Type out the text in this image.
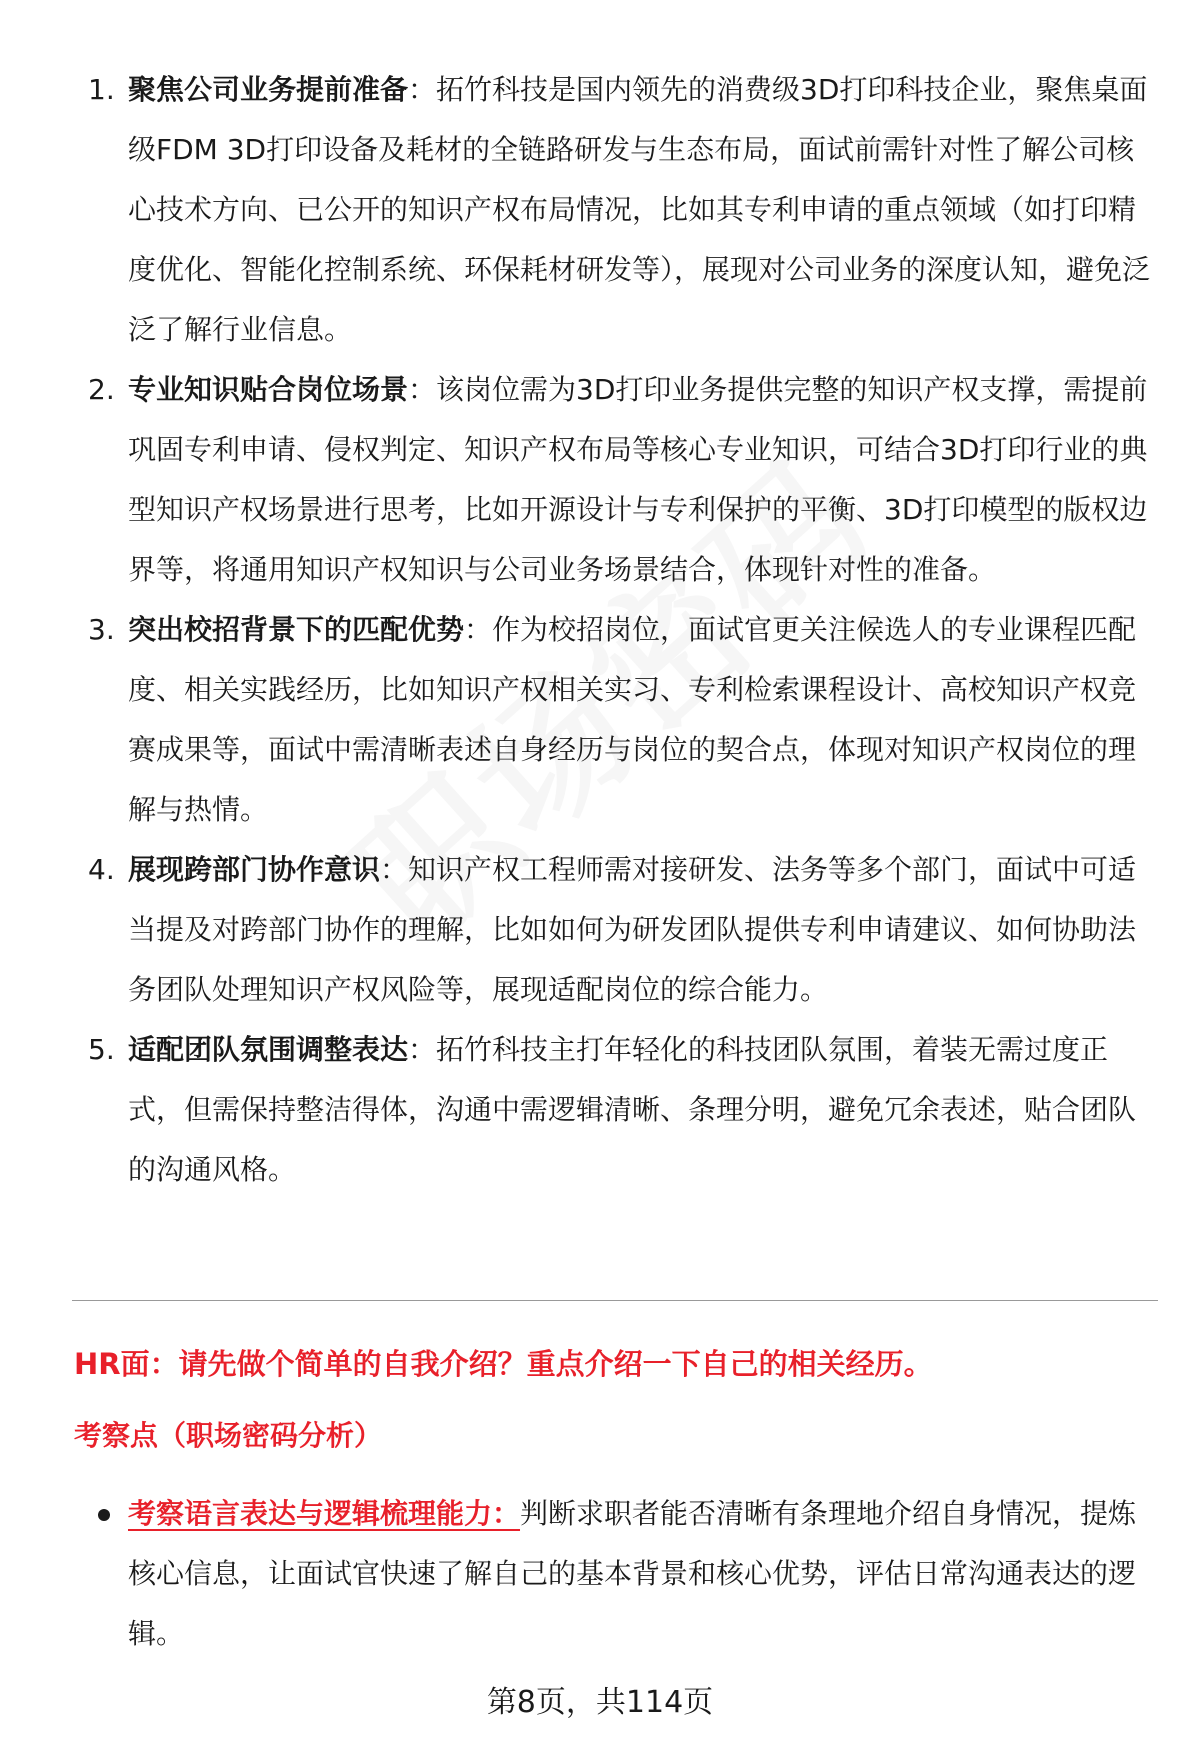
1. 聚焦公司业务提前准备：拓竹科技是国内领先的消费级3D打印科技企业，聚焦桌面级FDM 3D打印设备及耗材的全链路研发与生态布局，面试前需针对性了解公司核心技术方向、已公开的知识产权布局情况，比如其专利申请的重点领域（如打印精度优化、智能化控制系统、环保耗材研发等），展现对公司业务的深度认知，避免泛泛了解行业信息。
2. 专业知识贴合岗位场景：该岗位需为3D打印业务提供完整的知识产权支撑，需提前巩固专利申请、侵权判定、知识产权布局等核心专业知识，可结合3D打印行业的典型知识产权场景进行思考，比如开源设计与专利保护的平衡、3D打印模型的版权边界等，将通用知识产权知识与公司业务场景结合，体现针对性的准备。
3. 突出校招背景下的匹配优势：作为校招岗位，面试官更关注候选人的专业课程匹配度、相关实践经历，比如知识产权相关实习、专利检索课程设计、高校知识产权竞赛成果等，面试中需清晰表述自身经历与岗位的契合点，体现对知识产权岗位的理解与热情。
4. 展现跨部门协作意识：知识产权工程师需对接研发、法务等多个部门，面试中可适当提及对跨部门协作的理解，比如如何为研发团队提供专利申请建议、如何协助法务团队处理知识产权风险等，展现适配岗位的综合能力。
5. 适配团队氛围调整表达：拓竹科技主打年轻化的科技团队氛围，着装无需过度正式，但需保持整洁得体，沟通中需逻辑清晰、条理分明，避免冗余表述，贴合团队的沟通风格。
HR面：请先做个简单的自我介绍？重点介绍一下自己的相关经历。
考察点（职场密码分析）
考察语言表达与逻辑梳理能力：判断求职者能否清晰有条理地介绍自身情况，提炼核心信息，让面试官快速了解自己的基本背景和核心优势，评估日常沟通表达的逻辑。
第8页，共114页
